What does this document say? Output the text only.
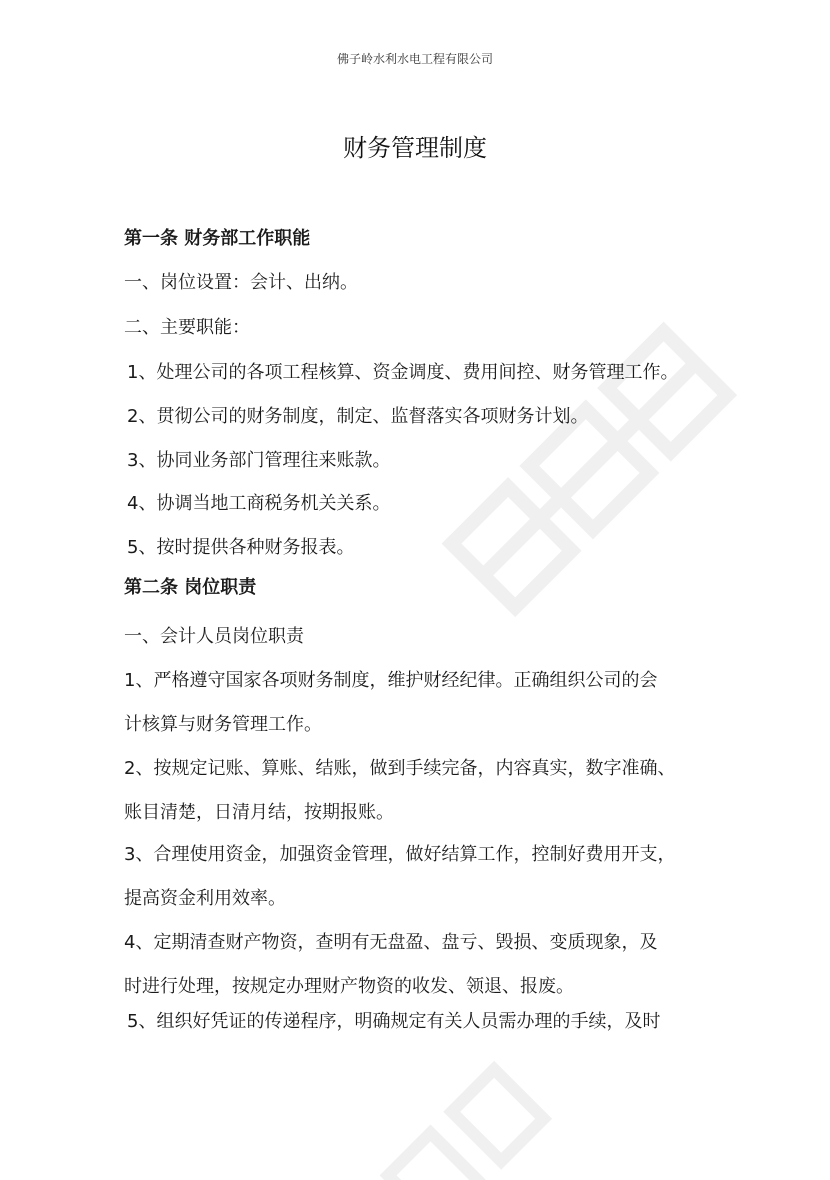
佛子岭水利水电工程有限公司
财务管理制度
第一条 财务部工作职能
一、岗位设置：会计、出纳。
二、主要职能：
1、处理公司的各项工程核算、资金调度、费用间控、财务管理工作。
2、贯彻公司的财务制度，制定、监督落实各项财务计划。
3、协同业务部门管理往来账款。
4、协调当地工商税务机关关系。
5、按时提供各种财务报表。
第二条 岗位职责
一、会计人员岗位职责
1、严格遵守国家各项财务制度，维护财经纪律。正确组织公司的会
计核算与财务管理工作。
2、按规定记账、算账、结账，做到手续完备，内容真实，数字准确、
账目清楚，日清月结，按期报账。
3、合理使用资金，加强资金管理，做好结算工作，控制好费用开支，
提高资金利用效率。
4、定期清查财产物资，查明有无盘盈、盘亏、毁损、变质现象，及
时进行处理，按规定办理财产物资的收发、领退、报废。
5、组织好凭证的传递程序，明确规定有关人员需办理的手续，及时
